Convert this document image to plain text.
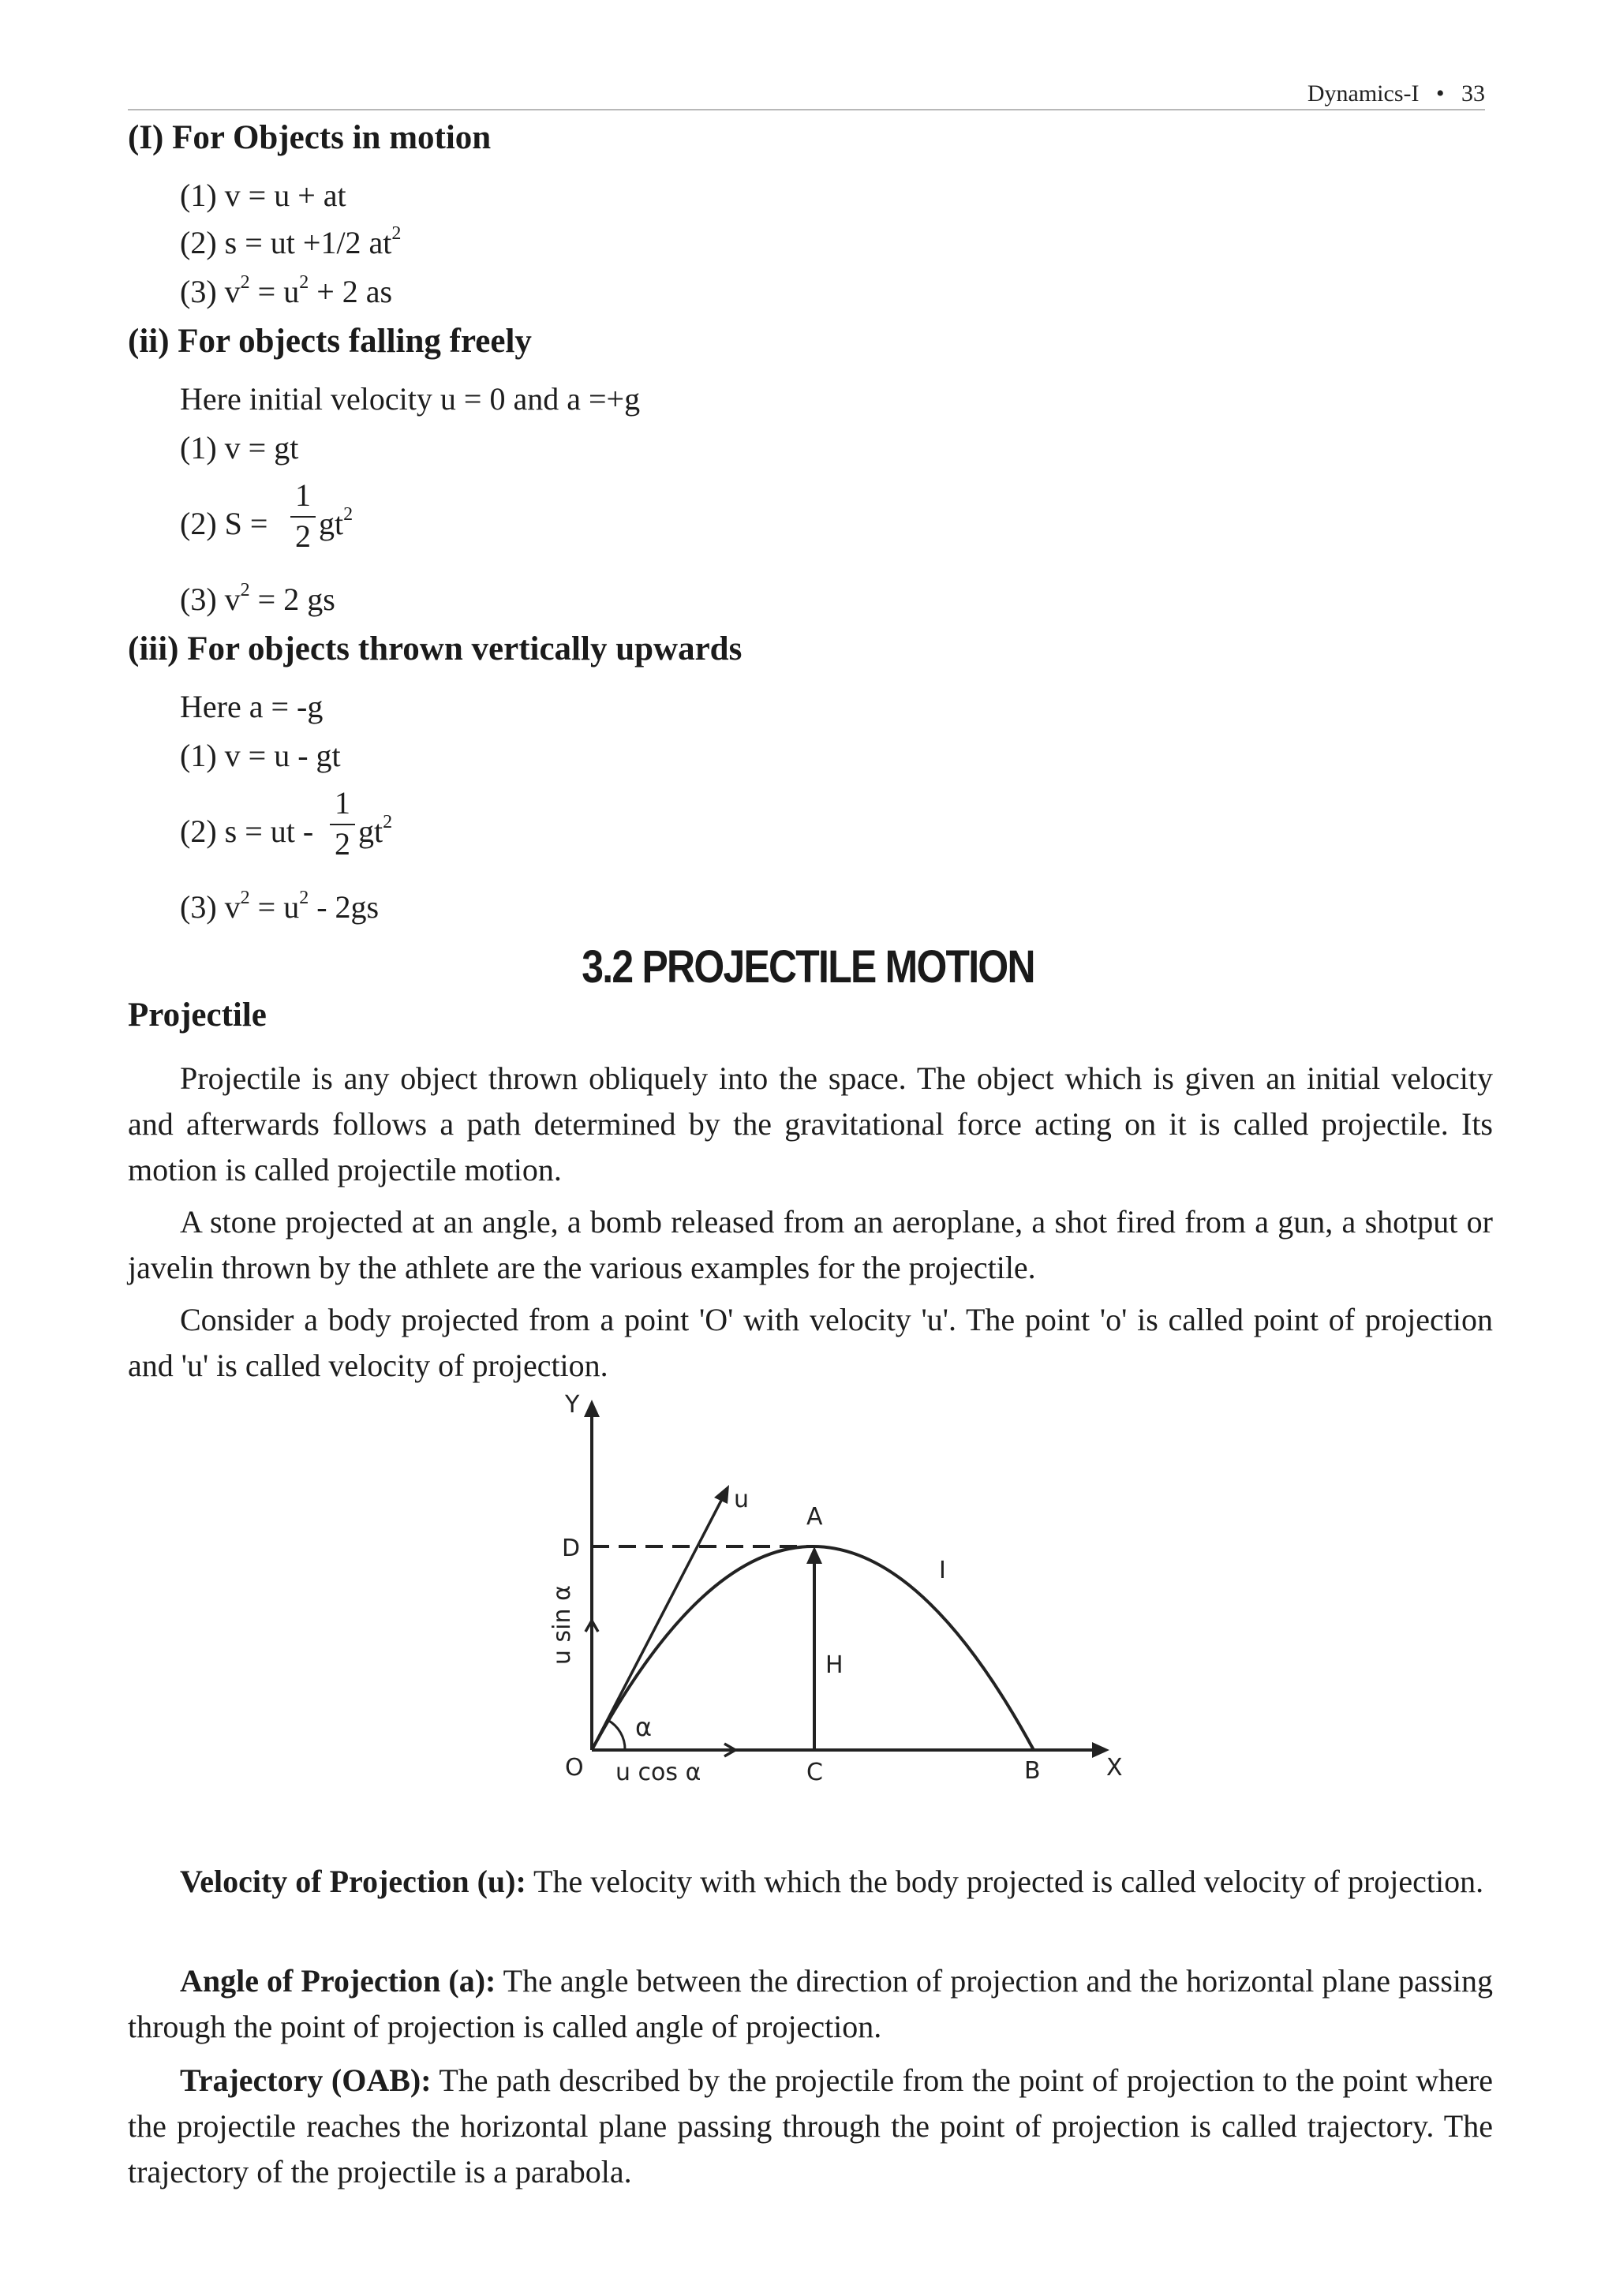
Dynamics-I • 33
(I) For Objects in motion
(1) v = u + at
(2) s = ut +1/2 $at^2$
(3) $v^2 = u^2 + 2$ as
(ii) For objects falling freely
Here initial velocity u = 0 and a =+g
(1) v = gt
(2) $S = \frac{1}{2} gt^2$
(3) $v^2 = 2$ gs
(iii) For objects thrown vertically upwards
Here a = -g
(1) v = u - gt
(2) s = ut - $\frac{1}{2} gt^2$
(3) $v^2 = u^2 - 2gs$
3.2 PROJECTILE MOTION
Projectile
Projectile is any object thrown obliquely into the space. The object which is given an initial velocity and afterwards follows a path determined by the gravitational force acting on it is called projectile. Its motion is called projectile motion.
A stone projected at an angle, a bomb released from an aeroplane, a shot fired from a gun, a shotput or javelin thrown by the athlete are the various examples for the projectile.
Consider a body projected from a point 'O' with velocity 'u'. The point 'o' is called point of projection and 'u' is called velocity of projection.
Y
X
O
D
A
B
C
H
I
u
α
u cos α
u sin α
Velocity of Projection (u): The velocity with which the body projected is called velocity of projection.
Angle of Projection (a): The angle between the direction of projection and the horizontal plane passing through the point of projection is called angle of projection.
Trajectory (OAB): The path described by the projectile from the point of projection to the point where the projectile reaches the horizontal plane passing through the point of projection is called trajectory. The trajectory of the projectile is a parabola.
